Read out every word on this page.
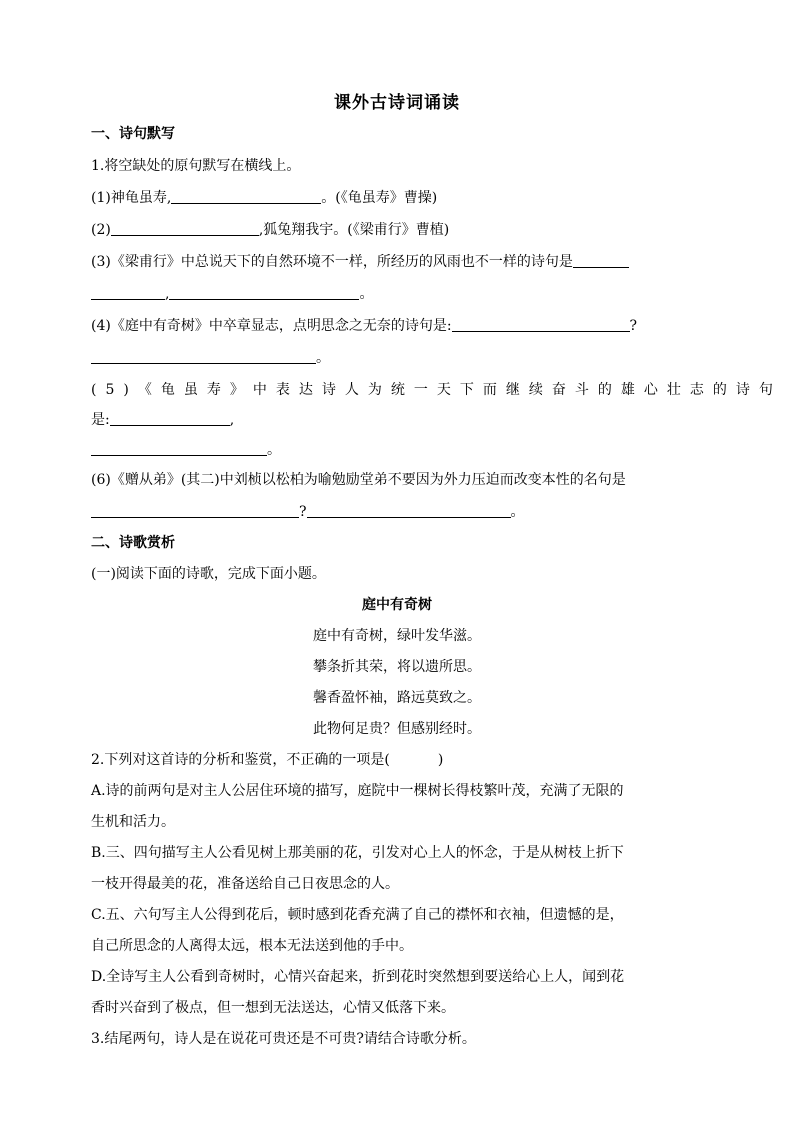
课外古诗词诵读
一、诗句默写
1.将空缺处的原句默写在横线上。
(1)神龟虽寿,	。(《龟虽寿》曹操)
(2)	,狐兔翔我宇。(《梁甫行》曹植)
(3)《梁甫行》中总说天下的自然环境不一样，所经历的风雨也不一样的诗句是
,	。
(4)《庭中有奇树》中卒章显志，点明思念之无奈的诗句是:	?
。
(5)《龟虽寿》中表达诗人为统一天下而继续奋斗的雄心壮志的诗句
是:	,
。
(6)《赠从弟》(其二)中刘桢以松柏为喻勉励堂弟不要因为外力压迫而改变本性的名句是
?	。
二、诗歌赏析
(一)阅读下面的诗歌，完成下面小题。
庭中有奇树
庭中有奇树，绿叶发华滋。
攀条折其荣，将以遗所思。
馨香盈怀袖，路远莫致之。
此物何足贵？但感别经时。
2.下列对这首诗的分析和鉴赏，不正确的一项是(	)
A.诗的前两句是对主人公居住环境的描写，庭院中一棵树长得枝繁叶茂，充满了无限的
生机和活力。
B.三、四句描写主人公看见树上那美丽的花，引发对心上人的怀念，于是从树枝上折下
一枝开得最美的花，准备送给自己日夜思念的人。
C.五、六句写主人公得到花后，顿时感到花香充满了自己的襟怀和衣袖，但遗憾的是，
自己所思念的人离得太远，根本无法送到他的手中。
D.全诗写主人公看到奇树时，心情兴奋起来，折到花时突然想到要送给心上人，闻到花
香时兴奋到了极点，但一想到无法送达，心情又低落下来。
3.结尾两句，诗人是在说花可贵还是不可贵?请结合诗歌分析。
